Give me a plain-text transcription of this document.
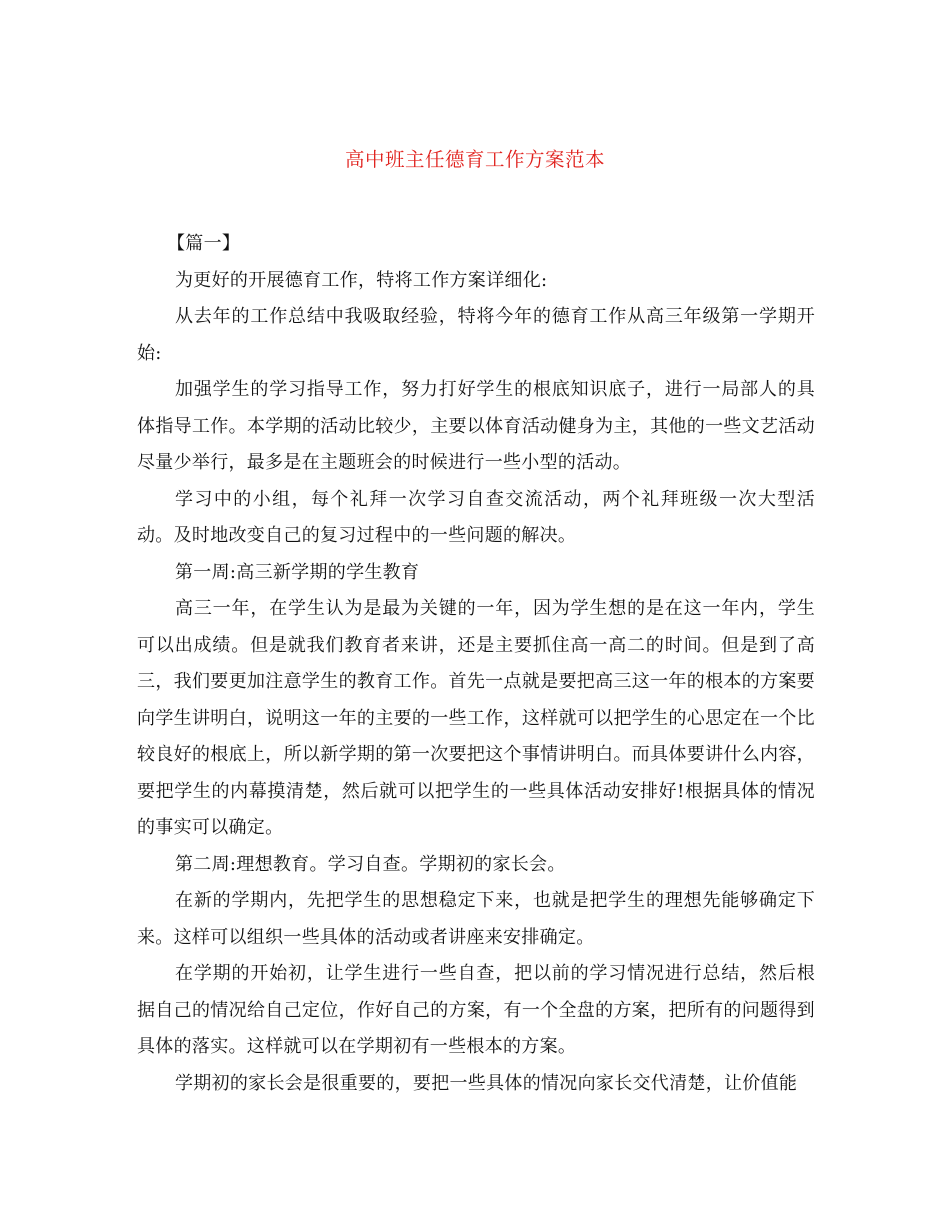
高中班主任德育工作方案范本

【篇一】

为更好的开展德育工作，特将工作方案详细化:

从去年的工作总结中我吸取经验，特将今年的德育工作从高三年级第一学期开始:

加强学生的学习指导工作，努力打好学生的根底知识底子，进行一局部人的具体指导工作。本学期的活动比较少，主要以体育活动健身为主，其他的一些文艺活动尽量少举行，最多是在主题班会的时候进行一些小型的活动。

学习中的小组，每个礼拜一次学习自查交流活动，两个礼拜班级一次大型活动。及时地改变自己的复习过程中的一些问题的解决。

第一周:高三新学期的学生教育

高三一年，在学生认为是最为关键的一年，因为学生想的是在这一年内，学生可以出成绩。但是就我们教育者来讲，还是主要抓住高一高二的时间。但是到了高三，我们要更加注意学生的教育工作。首先一点就是要把高三这一年的根本的方案要向学生讲明白，说明这一年的主要的一些工作，这样就可以把学生的心思定在一个比较良好的根底上，所以新学期的第一次要把这个事情讲明白。而具体要讲什么内容，要把学生的内幕摸清楚，然后就可以把学生的一些具体活动安排好!根据具体的情况的事实可以确定。

第二周:理想教育。学习自查。学期初的家长会。

在新的学期内，先把学生的思想稳定下来，也就是把学生的理想先能够确定下来。这样可以组织一些具体的活动或者讲座来安排确定。

在学期的开始初，让学生进行一些自查，把以前的学习情况进行总结，然后根据自己的情况给自己定位，作好自己的方案，有一个全盘的方案，把所有的问题得到具体的落实。这样就可以在学期初有一些根本的方案。

学期初的家长会是很重要的，要把一些具体的情况向家长交代清楚，让价值能
